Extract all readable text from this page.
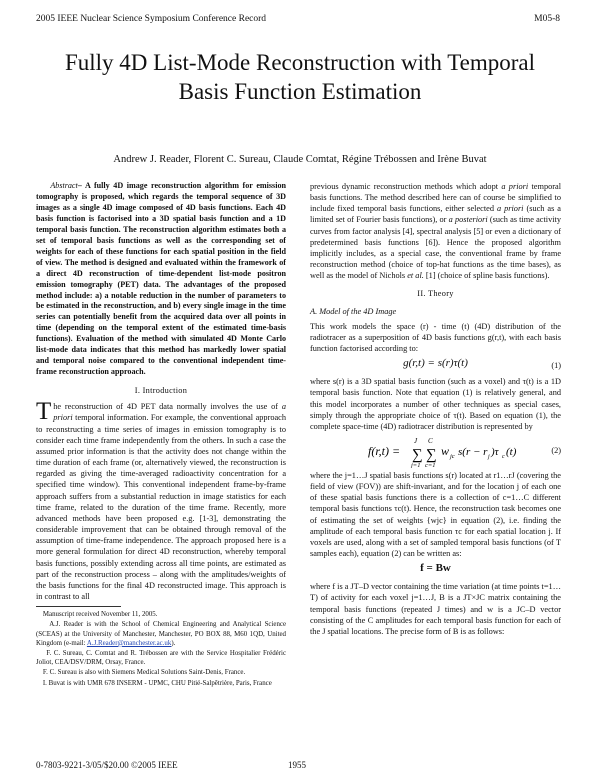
2005 IEEE Nuclear Science Symposium Conference Record	M05-8
Fully 4D List-Mode Reconstruction with Temporal Basis Function Estimation
Andrew J. Reader, Florent C. Sureau, Claude Comtat, Régine Trébossen and Irène Buvat

Abstract– A fully 4D image reconstruction algorithm for emission tomography is proposed, which regards the temporal sequence of 3D images as a single 4D image composed of 4D basis functions. Each 4D basis function is factorised into a 3D spatial basis function and a 1D temporal basis function. The reconstruction algorithm estimates both a set of temporal basis functions as well as the corresponding set of weights for each of these functions for each spatial position in the field of view. The method is designed and evaluated within the framework of a direct 4D reconstruction of time-dependent list-mode positron emission tomography (PET) data. The advantages of the proposed method include: a) a notable reduction in the number of parameters to be estimated in the reconstruction, and b) every single image in the time series can potentially benefit from the acquired data over all points in time (depending on the temporal extent of the estimated time-basis functions). Evaluation of the method with simulated 4D Monte Carlo list-mode data indicates that this method has markedly lower spatial and temporal noise compared to the conventional independent time-frame reconstruction approach.

I. Introduction

The reconstruction of 4D PET data normally involves the use of a priori temporal information. For example, the conventional approach to reconstructing a time series of images in emission tomography is to consider each time frame independently from the others. In such a case the assumed prior information is that the activity does not change within the time duration of each frame (or, alternatively viewed, the reconstruction is regarded as giving the time-averaged radioactivity concentration for a specified time window). This conventional independent frame-by-frame approach suffers from a substantial reduction in image statistics for each time frame, related to the duration of the time frame. Recently, more advanced methods have been proposed e.g. [1-3], demonstrating the considerable improvement that can be obtained through removal of the assumption of time-frame independence. The approach proposed here is a more general formulation for direct 4D reconstruction, whereby temporal basis functions, possibly extending across all time points, are estimated as part of the reconstruction process – along with the amplitudes/weights of the basis functions for the final 4D reconstructed image. This approach is in contrast to all

Manuscript received November 11, 2005.

A.J. Reader is with the School of Chemical Engineering and Analytical Science (SCEAS) at the University of Manchester, Manchester, PO BOX 88, M60 1QD, United Kingdom (e-mail: A.J.Reader@manchester.ac.uk).

F. C. Sureau, C. Comtat and R. Trébossen are with the Service Hospitalier Frédéric Joliot, CEA/DSV/DRM, Orsay, France.

F. C. Sureau is also with Siemens Medical Solutions Saint-Denis, France.

I. Buvat is with UMR 678 INSERM - UPMC, CHU Pitié-Salpêtrière, Paris, France

previous dynamic reconstruction methods which adopt a priori temporal basis functions. The method described here can of course be simplified to include fixed temporal basis functions, either selected a priori (such as a limited set of Fourier basis functions), or a posteriori (such as time activity curves from factor analysis [4], spectral analysis [5] or even a dictionary of predetermined basis functions [6]). Hence the proposed algorithm implicitly includes, as a special case, the conventional frame by frame reconstruction method (choice of top-hat functions as the time bases), as well as the model of Nichols et al. [1] (choice of spline basis functions).

II. Theory

A. Model of the 4D Image

This work models the space (r) - time (t) (4D) distribution of the radiotracer as a superposition of 4D basis functions g(r,t), with each basis function factorised according to:

g(r,t) = s(r)τ(t)	(1)

where s(r) is a 3D spatial basis function (such as a voxel) and τ(t) is a 1D temporal basis function. Note that equation (1) is relatively general, and this model incorporates a number of other techniques as special cases, simply through the appropriate choice of τ(t). Based on equation (1), the complete space-time (4D) radiotracer distribution is represented by

f(r,t) =
J
∑
j=1
C
∑
c=1
w jc s(r − r j )τ c (t)	(2)

where the j=1…J spatial basis functions s(r) located at r1…rJ (covering the field of view (FOV)) are shift-invariant, and for the location j of each one of these spatial basis functions there is a collection of c=1…C different temporal basis functions τc(t). Hence, the reconstruction task becomes one of estimating the set of weights {wjc} in equation (2), i.e. finding the amplitude of each temporal basis function τc for each spatial location j. If voxels are used, along with a set of sampled temporal basis functions (of T samples each), equation (2) can be written as:

f = Bw

where f is a JT–D vector containing the time variation (at time points t=1…T) of activity for each voxel j=1…J, B is a JT×JC matrix containing the temporal basis functions (repeated J times) and w is a JC–D vector consisting of the C amplitudes for each temporal basis function for each of the J spatial locations. The precise form of B is as follows:

0-7803-9221-3/05/$20.00 ©2005 IEEE	1955
